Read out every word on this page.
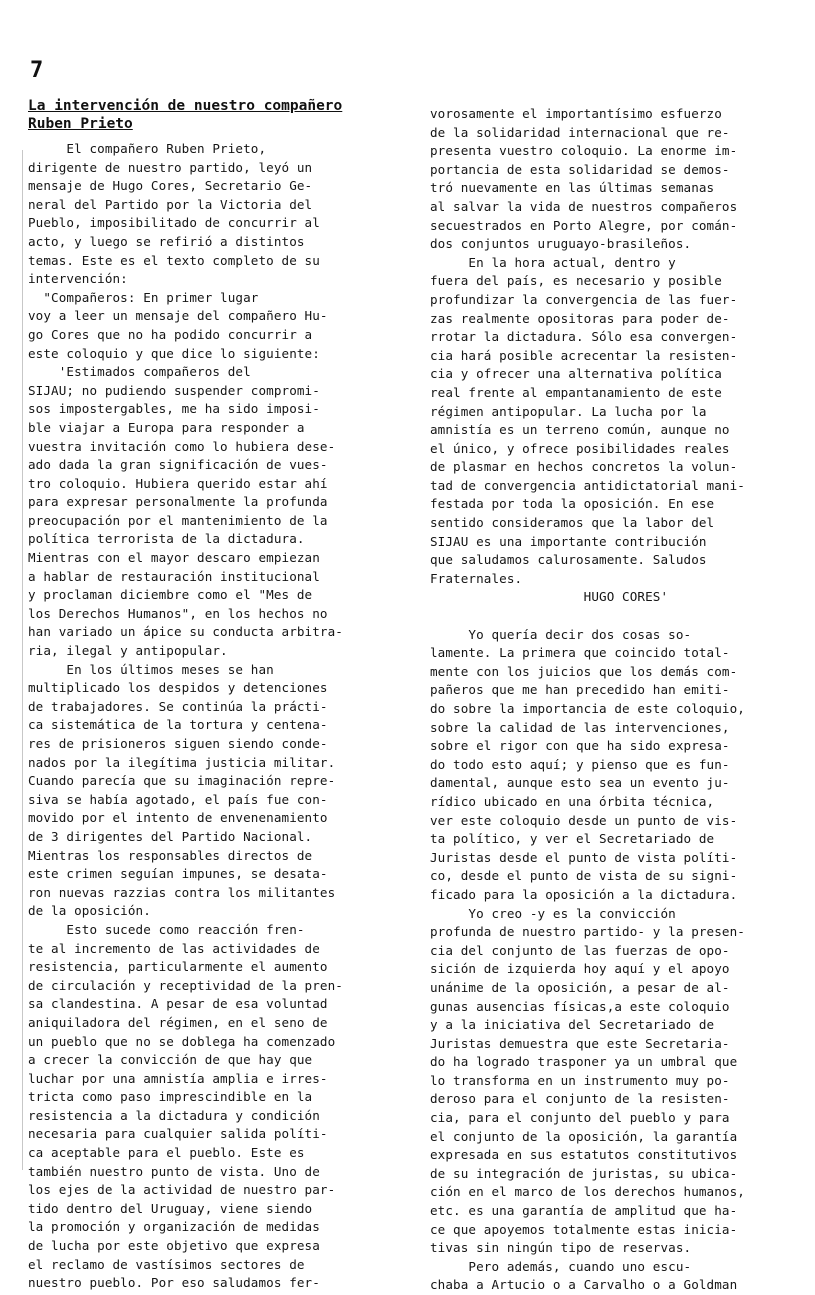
7
La intervención de nuestro compañero
Ruben Prieto
El compañero Ruben Prieto,
dirigente de nuestro partido, leyó un
mensaje de Hugo Cores, Secretario Ge-
neral del Partido por la Victoria del
Pueblo, imposibilitado de concurrir al
acto, y luego se refirió a distintos
temas. Este es el texto completo de su
intervención:
"Compañeros: En primer lugar
voy a leer un mensaje del compañero Hu-
go Cores que no ha podido concurrir a
este coloquio y que dice lo siguiente:
'Estimados compañeros del
SIJAU; no pudiendo suspender compromi-
sos impostergables, me ha sido imposi-
ble viajar a Europa para responder a
vuestra invitación como lo hubiera dese-
ado dada la gran significación de vues-
tro coloquio. Hubiera querido estar ahí
para expresar personalmente la profunda
preocupación por el mantenimiento de la
política terrorista de la dictadura.
Mientras con el mayor descaro empiezan
a hablar de restauración institucional
y proclaman diciembre como el "Mes de
los Derechos Humanos", en los hechos no
han variado un ápice su conducta arbitra-
ria, ilegal y antipopular.
En los últimos meses se han
multiplicado los despidos y detenciones
de trabajadores. Se continúa la prácti-
ca sistemática de la tortura y centena-
res de prisioneros siguen siendo conde-
nados por la ilegítima justicia militar.
Cuando parecía que su imaginación repre-
siva se había agotado, el país fue con-
movido por el intento de envenenamiento
de 3 dirigentes del Partido Nacional.
Mientras los responsables directos de
este crimen seguían impunes, se desata-
ron nuevas razzias contra los militantes
de la oposición.
Esto sucede como reacción fren-
te al incremento de las actividades de
resistencia, particularmente el aumento
de circulación y receptividad de la pren-
sa clandestina. A pesar de esa voluntad
aniquiladora del régimen, en el seno de
un pueblo que no se doblega ha comenzado
a crecer la convicción de que hay que
luchar por una amnistía amplia e irres-
tricta como paso imprescindible en la
resistencia a la dictadura y condición
necesaria para cualquier salida políti-
ca aceptable para el pueblo. Este es
también nuestro punto de vista. Uno de
los ejes de la actividad de nuestro par-
tido dentro del Uruguay, viene siendo
la promoción y organización de medidas
de lucha por este objetivo que expresa
el reclamo de vastísimos sectores de
nuestro pueblo. Por eso saludamos fer-
vorosamente el importantísimo esfuerzo
de la solidaridad internacional que re-
presenta vuestro coloquio. La enorme im-
portancia de esta solidaridad se demos-
tró nuevamente en las últimas semanas
al salvar la vida de nuestros compañeros
secuestrados en Porto Alegre, por comán-
dos conjuntos uruguayo-brasileños.
En la hora actual, dentro y
fuera del país, es necesario y posible
profundizar la convergencia de las fuer-
zas realmente opositoras para poder de-
rrotar la dictadura. Sólo esa convergen-
cia hará posible acrecentar la resisten-
cia y ofrecer una alternativa política
real frente al empantanamiento de este
régimen antipopular. La lucha por la
amnistía es un terreno común, aunque no
el único, y ofrece posibilidades reales
de plasmar en hechos concretos la volun-
tad de convergencia antidictatorial mani-
festada por toda la oposición. En ese
sentido consideramos que la labor del
SIJAU es una importante contribución
que saludamos calurosamente. Saludos
Fraternales.
HUGO CORES'
Yo quería decir dos cosas so-
lamente. La primera que coincido total-
mente con los juicios que los demás com-
pañeros que me han precedido han emiti-
do sobre la importancia de este coloquio,
sobre la calidad de las intervenciones,
sobre el rigor con que ha sido expresa-
do todo esto aquí; y pienso que es fun-
damental, aunque esto sea un evento ju-
rídico ubicado en una órbita técnica,
ver este coloquio desde un punto de vis-
ta político, y ver el Secretariado de
Juristas desde el punto de vista políti-
co, desde el punto de vista de su signi-
ficado para la oposición a la dictadura.
Yo creo -y es la convicción
profunda de nuestro partido- y la presen-
cia del conjunto de las fuerzas de opo-
sición de izquierda hoy aquí y el apoyo
unánime de la oposición, a pesar de al-
gunas ausencias físicas,a este coloquio
y a la iniciativa del Secretariado de
Juristas demuestra que este Secretaria-
do ha logrado trasponer ya un umbral que
lo transforma en un instrumento muy po-
deroso para el conjunto de la resisten-
cia, para el conjunto del pueblo y para
el conjunto de la oposición, la garantía
expresada en sus estatutos constitutivos
de su integración de juristas, su ubica-
ción en el marco de los derechos humanos,
etc. es una garantía de amplitud que ha-
ce que apoyemos totalmente estas inicia-
tivas sin ningún tipo de reservas.
Pero además, cuando uno escu-
chaba a Artucio o a Carvalho o a Goldman
